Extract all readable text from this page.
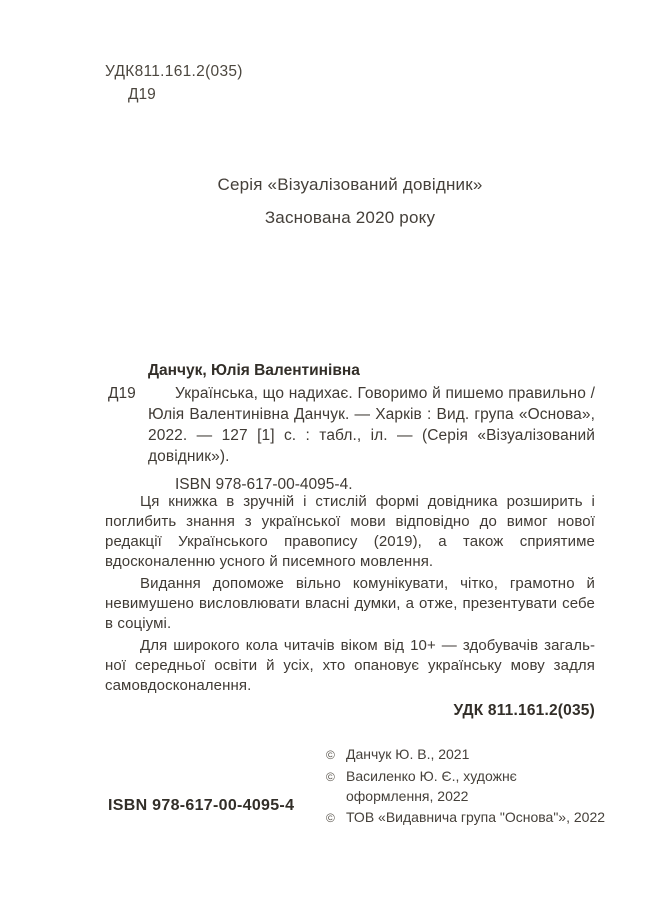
УДК811.161.2(035)
Д19
Серія «Візуалізований довідник»
Заснована 2020 року
Д19
Данчук, Юлія Валентинівна

Українська, що надихає. Говоримо й пишемо правильно / Юлія Валентинівна Данчук. — Харків : Вид. група «Основа», 2022. — 127 [1] с. : табл., іл. — (Серія «Візуалізований довідник»).

ISBN 978-617-00-4095-4.

Ця книжка в зручній і стислій формі довідника розширить і поглибить знання з української мови відповідно до вимог нової редакції Українського правопису (2019), а також сприятиме вдосконаленню усного й писемного мовлення.

Видання допоможе вільно комунікувати, чітко, грамотно й невимушено висловлювати власні думки, а отже, презентувати себе в соціумі.

Для широкого кола читачів віком від 10+ — здобувачів загальної середньої освіти й усіх, хто опановує українську мову задля самовдосконалення.

УДК 811.161.2(035)
© Данчук Ю. В., 2021
© Василенко Ю. Є., художнє оформлення, 2022
© ТОВ «Видавнича група "Основа"», 2022
ISBN 978-617-00-4095-4
